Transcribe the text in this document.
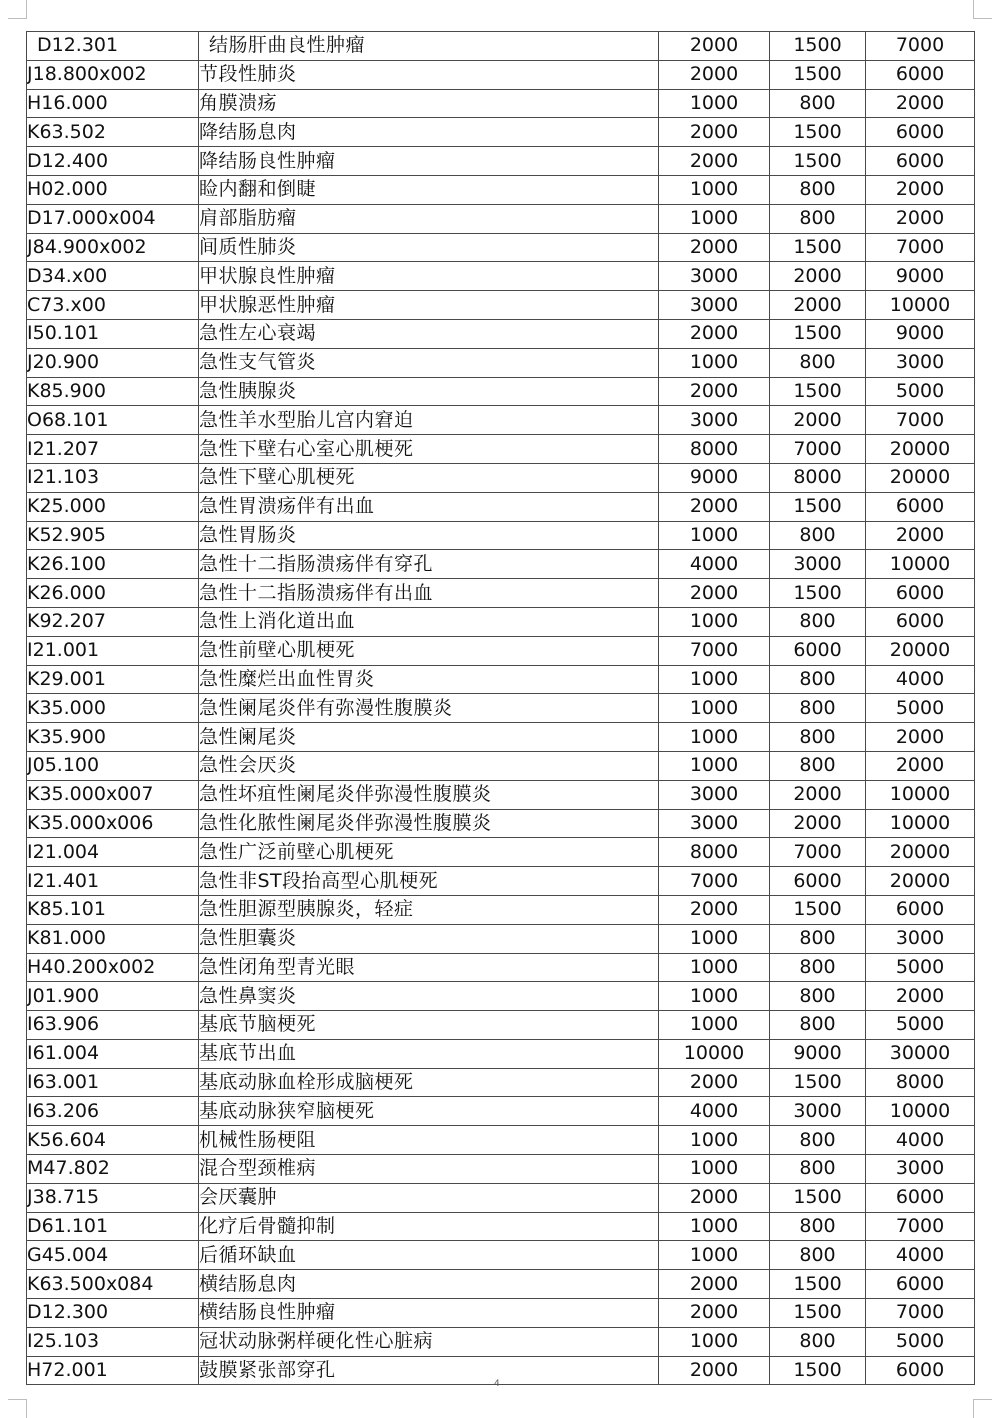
D12.301	结肠肝曲良性肿瘤	2000	1500	7000
J18.800x002	节段性肺炎	2000	1500	6000
H16.000	角膜溃疡	1000	800	2000
K63.502	降结肠息肉	2000	1500	6000
D12.400	降结肠良性肿瘤	2000	1500	6000
H02.000	睑内翻和倒睫	1000	800	2000
D17.000x004	肩部脂肪瘤	1000	800	2000
J84.900x002	间质性肺炎	2000	1500	7000
D34.x00	甲状腺良性肿瘤	3000	2000	9000
C73.x00	甲状腺恶性肿瘤	3000	2000	10000
I50.101	急性左心衰竭	2000	1500	9000
J20.900	急性支气管炎	1000	800	3000
K85.900	急性胰腺炎	2000	1500	5000
O68.101	急性羊水型胎儿宫内窘迫	3000	2000	7000
I21.207	急性下壁右心室心肌梗死	8000	7000	20000
I21.103	急性下壁心肌梗死	9000	8000	20000
K25.000	急性胃溃疡伴有出血	2000	1500	6000
K52.905	急性胃肠炎	1000	800	2000
K26.100	急性十二指肠溃疡伴有穿孔	4000	3000	10000
K26.000	急性十二指肠溃疡伴有出血	2000	1500	6000
K92.207	急性上消化道出血	1000	800	6000
I21.001	急性前壁心肌梗死	7000	6000	20000
K29.001	急性糜烂出血性胃炎	1000	800	4000
K35.000	急性阑尾炎伴有弥漫性腹膜炎	1000	800	5000
K35.900	急性阑尾炎	1000	800	2000
J05.100	急性会厌炎	1000	800	2000
K35.000x007	急性坏疽性阑尾炎伴弥漫性腹膜炎	3000	2000	10000
K35.000x006	急性化脓性阑尾炎伴弥漫性腹膜炎	3000	2000	10000
I21.004	急性广泛前壁心肌梗死	8000	7000	20000
I21.401	急性非ST段抬高型心肌梗死	7000	6000	20000
K85.101	急性胆源型胰腺炎，轻症	2000	1500	6000
K81.000	急性胆囊炎	1000	800	3000
H40.200x002	急性闭角型青光眼	1000	800	5000
J01.900	急性鼻窦炎	1000	800	2000
I63.906	基底节脑梗死	1000	800	5000
I61.004	基底节出血	10000	9000	30000
I63.001	基底动脉血栓形成脑梗死	2000	1500	8000
I63.206	基底动脉狭窄脑梗死	4000	3000	10000
K56.604	机械性肠梗阻	1000	800	4000
M47.802	混合型颈椎病	1000	800	3000
J38.715	会厌囊肿	2000	1500	6000
D61.101	化疗后骨髓抑制	1000	800	7000
G45.004	后循环缺血	1000	800	4000
K63.500x084	横结肠息肉	2000	1500	6000
D12.300	横结肠良性肿瘤	2000	1500	7000
I25.103	冠状动脉粥样硬化性心脏病	1000	800	5000
H72.001	鼓膜紧张部穿孔	2000	1500	6000
4
